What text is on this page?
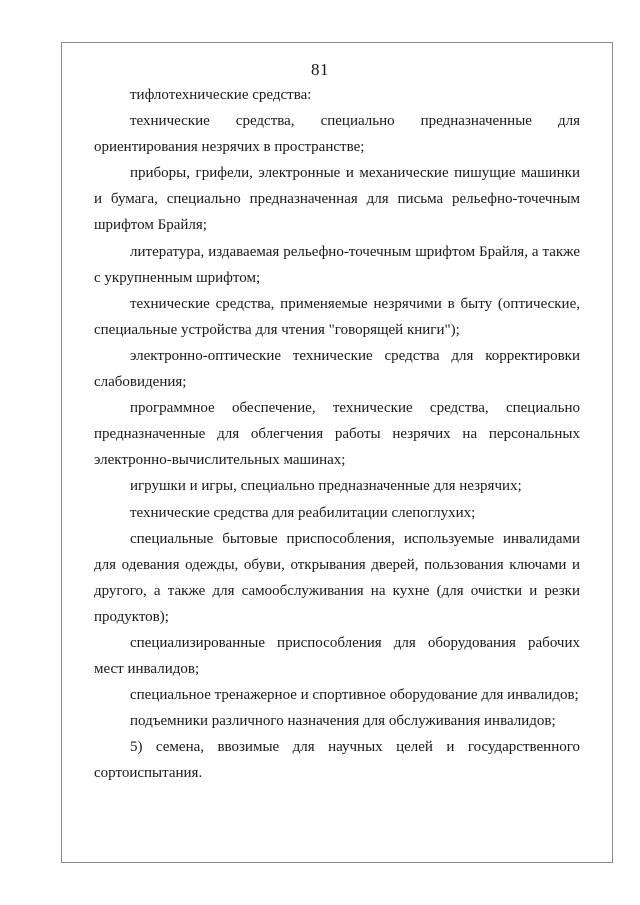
81

тифлотехнические средства:

технические средства, специально предназначенные для ориентирования незрячих в пространстве;

приборы, грифели, электронные и механические пишущие машинки и бумага, специально предназначенная для письма рельефно-точечным шрифтом Брайля;

литература, издаваемая рельефно-точечным шрифтом Брайля, а также с укрупненным шрифтом;

технические средства, применяемые незрячими в быту (оптические, специальные устройства для чтения "говорящей книги");

электронно-оптические технические средства для корректировки слабовидения;

программное обеспечение, технические средства, специально предназначенные для облегчения работы незрячих на персональных электронно-вычислительных машинах;

игрушки и игры, специально предназначенные для незрячих;

технические средства для реабилитации слепоглухих;

специальные бытовые приспособления, используемые инвалидами для одевания одежды, обуви, открывания дверей, пользования ключами и другого, а также для самообслуживания на кухне (для очистки и резки продуктов);

специализированные приспособления для оборудования рабочих мест инвалидов;

специальное тренажерное и спортивное оборудование для инвалидов;

подъемники различного назначения для обслуживания инвалидов;

5) семена, ввозимые для научных целей и государственного сортоиспытания.
